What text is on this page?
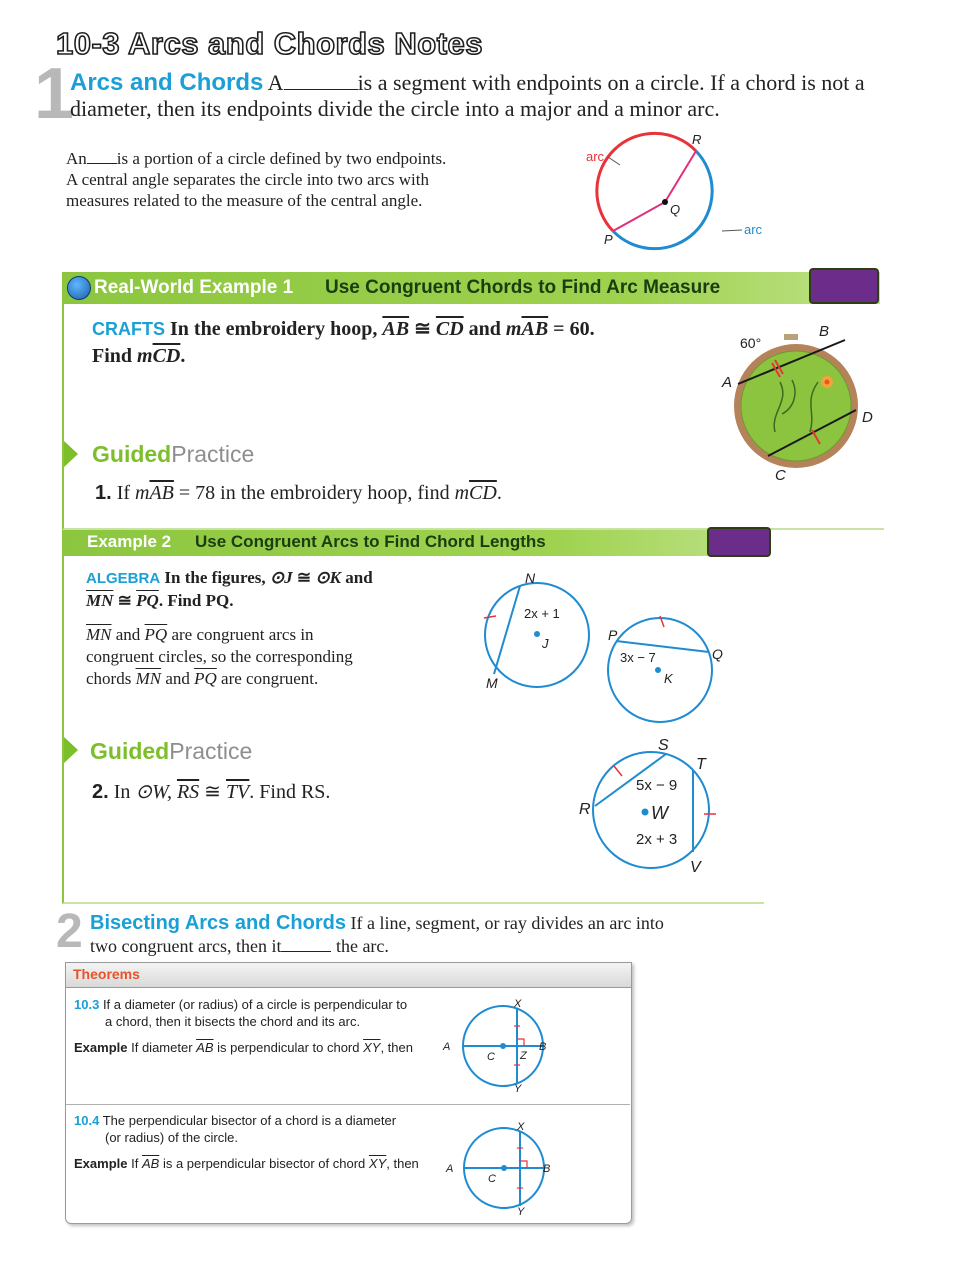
10-3 Arcs and Chords Notes
1
Arcs and Chords A	is a segment with endpoints on a circle. If a chord is not a
diameter, then its endpoints divide the circle into a major and a minor arc.
An is a portion of a circle defined by two endpoints.
A central angle separates the circle into two arcs with
measures related to the measure of the central angle.
R
Q
P
arc
arc
Real-World Example 1 Use Congruent Chords to Find Arc Measure
CRAFTS In the embroidery hoop, $\overline{AB}$ ≅ $\overline{CD}$ and $m\overline{AB} = 60$.
Find $m\overline{CD}$.
60°
B
A
D
C
GuidedPractice
1. If $m\overline{AB} = 78$ in the embroidery hoop, find $m\overline{CD}$.
Example 2 Use Congruent Arcs to Find Chord Lengths
ALGEBRA In the figures, ⊙J ≅ ⊙K and
$\overline{MN}$ ≅ $\overline{PQ}$. Find PQ.
$\overline{MN}$ and $\overline{PQ}$ are congruent arcs in
congruent circles, so the corresponding
chords $\overline{MN}$ and $\overline{PQ}$ are congruent.
N
M
J
2x + 1
P
Q
K
3x − 7
GuidedPractice
2. In ⊙W, $\overline{RS}$ ≅ $\overline{TV}$. Find RS.
S
T
R
V
W
5x − 9
2x + 3
2 Bisecting Arcs and Chords If a line, segment, or ray divides an arc into
two congruent arcs, then it	the arc.
Theorems
10.3 If a diameter (or radius) of a circle is perpendicular to
a chord, then it bisects the chord and its arc.
Example If diameter $\overline{AB}$ is perpendicular to chord $\overline{XY}$, then
X
A	B
C Z
Y
10.4 The perpendicular bisector of a chord is a diameter
(or radius) of the circle.
Example If $\overline{AB}$ is a perpendicular bisector of chord $\overline{XY}$, then
X
A	B
C
Y
